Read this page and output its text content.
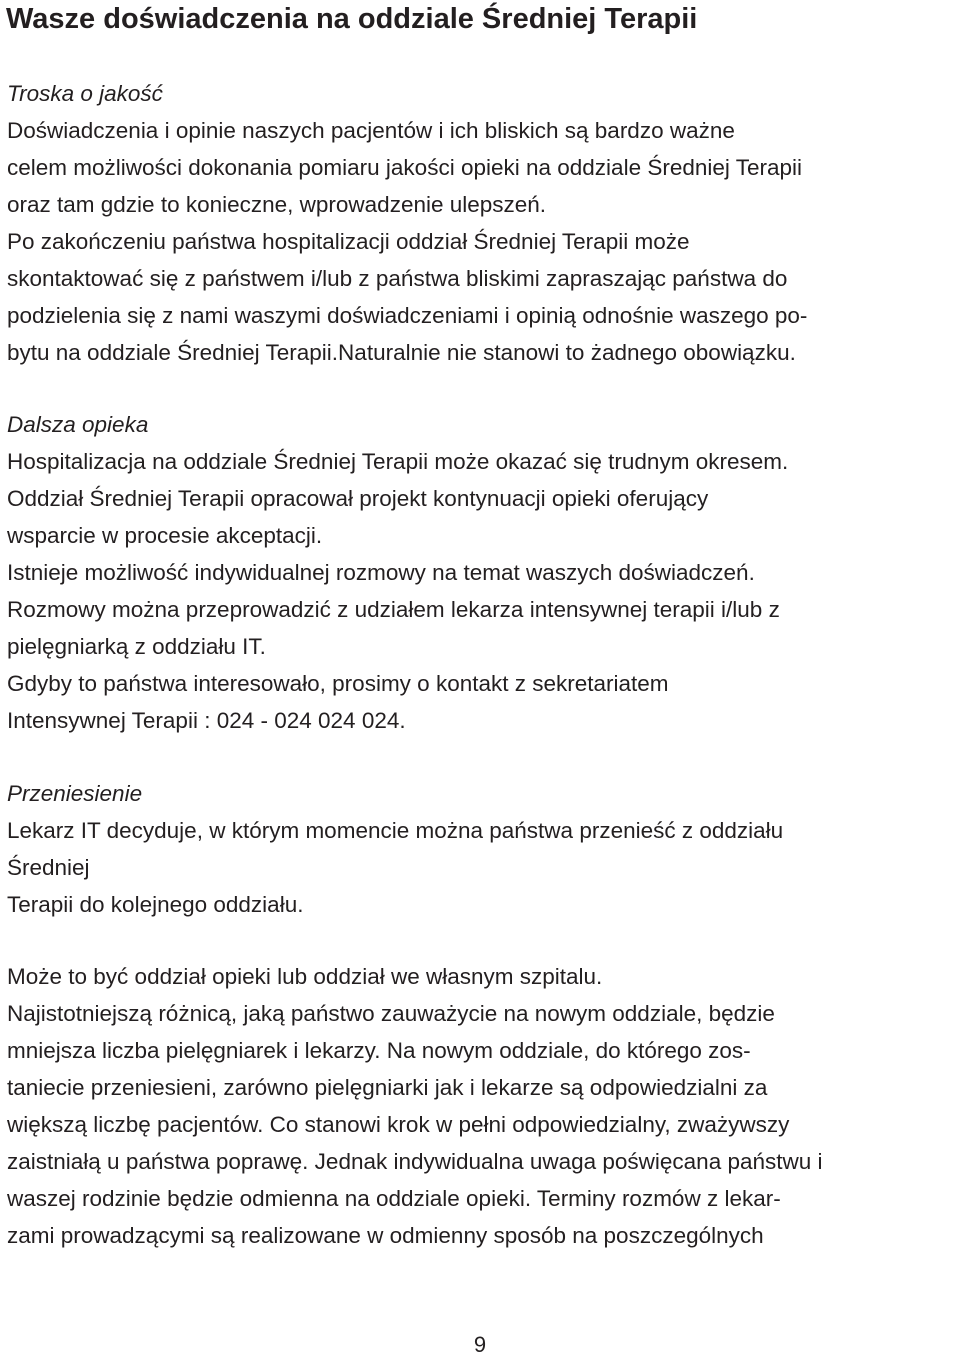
Wasze doświadczenia na oddziale Średniej Terapii
Troska o jakość
Doświadczenia i opinie naszych pacjentów i ich bliskich są bardzo ważne
celem możliwości dokonania pomiaru jakości opieki na oddziale Średniej Terapii
oraz tam gdzie to konieczne, wprowadzenie ulepszeń.
Po zakończeniu państwa hospitalizacji oddział Średniej Terapii może
skontaktować się z państwem i/lub z państwa bliskimi zapraszając państwa do
podzielenia się z nami waszymi doświadczeniami i opinią odnośnie waszego po-
bytu na oddziale Średniej Terapii.Naturalnie nie stanowi to żadnego obowiązku.
Dalsza opieka
Hospitalizacja na oddziale Średniej Terapii może okazać się trudnym okresem.
Oddział Średniej Terapii opracował projekt kontynuacji opieki oferujący
wsparcie w procesie akceptacji.
Istnieje możliwość indywidualnej rozmowy na temat waszych doświadczeń.
Rozmowy można przeprowadzić z udziałem lekarza intensywnej terapii i/lub z
pielęgniarką z oddziału IT.
Gdyby to państwa interesowało, prosimy o kontakt z sekretariatem
Intensywnej Terapii : 024 - 024 024 024.
Przeniesienie
Lekarz IT decyduje, w którym momencie można państwa przenieść z oddziału
Średniej
Terapii do kolejnego oddziału.
Może to być oddział opieki lub oddział we własnym szpitalu.
Najistotniejszą różnicą, jaką państwo zauważycie na nowym oddziale, będzie
mniejsza liczba pielęgniarek i lekarzy. Na nowym oddziale, do którego zos-
taniecie przeniesieni, zarówno pielęgniarki jak i lekarze są odpowiedzialni za
większą liczbę pacjentów. Co stanowi krok w pełni odpowiedzialny, zważywszy
zaistniałą u państwa poprawę. Jednak indywidualna uwaga poświęcana państwu i
waszej rodzinie będzie odmienna na oddziale opieki. Terminy rozmów z lekar-
zami prowadzącymi są realizowane w odmienny sposób na poszczególnych
9
